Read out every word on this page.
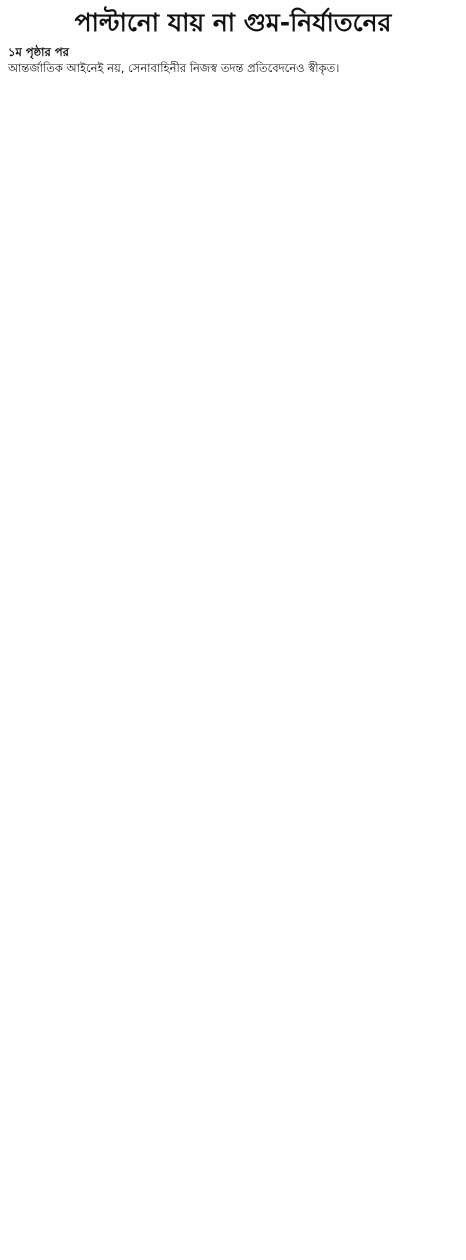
পাল্টানো যায় না গুম-নির্যাতনের

১ম পৃষ্ঠার পর

আন্তর্জাতিক আইনেই নয়, সেনাবাহিনীর নিজস্ব তদন্ত প্রতিবেদনেও স্বীকৃত।
